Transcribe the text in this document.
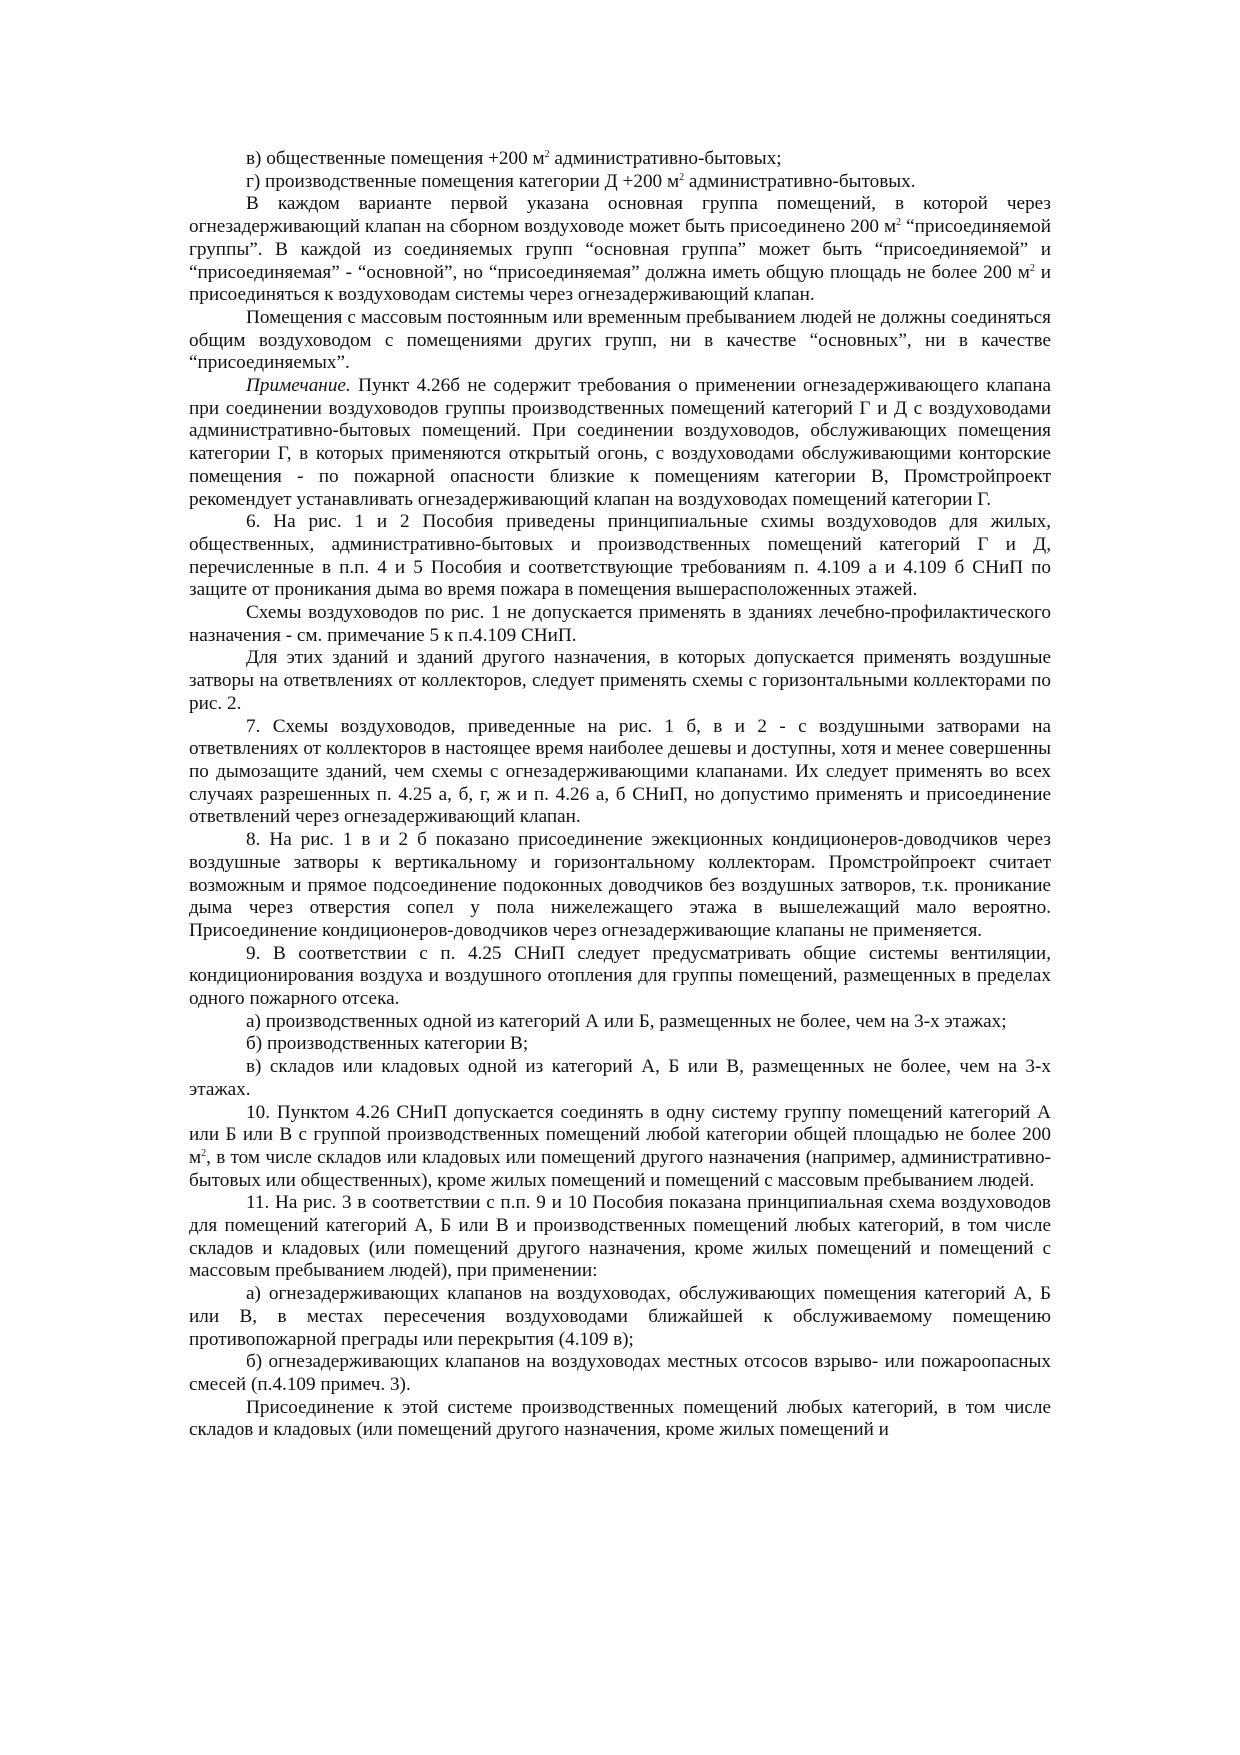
в) общественные помещения +200 $м^2$ административно-бытовых;

г) производственные помещения категории Д +200 $м^2$ административно-бытовых.

В каждом варианте первой указана основная группа помещений, в которой через огнезадерживающий клапан на сборном воздуховоде может быть присоединено 200 $м^2$ “присоединяемой группы”. В каждой из соединяемых групп “основная группа” может быть “присоединяемой” и “присоединяемая” - “основной”, но “присоединяемая” должна иметь общую площадь не более 200 $м^2$ и присоединяться к воздуховодам системы через огнезадерживающий клапан.

Помещения с массовым постоянным или временным пребыванием людей не должны соединяться общим воздуховодом с помещениями других групп, ни в качестве “основных”, ни в качестве “присоединяемых”.

Примечание. Пункт 4.26б не содержит требования о применении огнезадерживающего клапана при соединении воздуховодов группы производственных помещений категорий Г и Д с воздуховодами административно-бытовых помещений. При соединении воздуховодов, обслуживающих помещения категории Г, в которых применяются открытый огонь, с воздуховодами обслуживающими конторские помещения - по пожарной опасности близкие к помещениям категории В, Промстройпроект рекомендует устанавливать огнезадерживающий клапан на воздуховодах помещений категории Г.

6. На рис. 1 и 2 Пособия приведены принципиальные схимы воздуховодов для жилых, общественных, административно-бытовых и производственных помещений категорий Г и Д, перечисленные в п.п. 4 и 5 Пособия и соответствующие требованиям п. 4.109 а и 4.109 б СНиП по защите от проникания дыма во время пожара в помещения вышерасположенных этажей.

Схемы воздуховодов по рис. 1 не допускается применять в зданиях лечебно-профилактического назначения - см. примечание 5 к п.4.109 СНиП.

Для этих зданий и зданий другого назначения, в которых допускается применять воздушные затворы на ответвлениях от коллекторов, следует применять схемы с горизонтальными коллекторами по рис. 2.

7. Схемы воздуховодов, приведенные на рис. 1 б, в и 2 - с воздушными затворами на ответвлениях от коллекторов в настоящее время наиболее дешевы и доступны, хотя и менее совершенны по дымозащите зданий, чем схемы с огнезадерживающими клапанами. Их следует применять во всех случаях разрешенных п. 4.25 а, б, г, ж и п. 4.26 а, б СНиП, но допустимо применять и присоединение ответвлений через огнезадерживающий клапан.

8. На рис. 1 в и 2 б показано присоединение эжекционных кондиционеров-доводчиков через воздушные затворы к вертикальному и горизонтальному коллекторам. Промстройпроект считает возможным и прямое подсоединение подоконных доводчиков без воздушных затворов, т.к. проникание дыма через отверстия сопел у пола нижележащего этажа в вышележащий мало вероятно. Присоединение кондиционеров-доводчиков через огнезадерживающие клапаны не применяется.

9. В соответствии с п. 4.25 СНиП следует предусматривать общие системы вентиляции, кондиционирования воздуха и воздушного отопления для группы помещений, размещенных в пределах одного пожарного отсека.

а) производственных одной из категорий А или Б, размещенных не более, чем на 3-х этажах;

б) производственных категории В;

в) складов или кладовых одной из категорий А, Б или В, размещенных не более, чем на 3-х этажах.

10. Пунктом 4.26 СНиП допускается соединять в одну систему группу помещений категорий А или Б или В с группой производственных помещений любой категории общей площадью не более 200 $м^2$, в том числе складов или кладовых или помещений другого назначения (например, административно-бытовых или общественных), кроме жилых помещений и помещений с массовым пребыванием людей.

11. На рис. 3 в соответствии с п.п. 9 и 10 Пособия показана принципиальная схема воздуховодов для помещений категорий А, Б или В и производственных помещений любых категорий, в том числе складов и кладовых (или помещений другого назначения, кроме жилых помещений и помещений с массовым пребыванием людей), при применении:

а) огнезадерживающих клапанов на воздуховодах, обслуживающих помещения категорий А, Б или В, в местах пересечения воздуховодами ближайшей к обслуживаемому помещению противопожарной преграды или перекрытия (4.109 в);

б) огнезадерживающих клапанов на воздуховодах местных отсосов взрыво- или пожароопасных смесей (п.4.109 примеч. 3).

Присоединение к этой системе производственных помещений любых категорий, в том числе складов и кладовых (или помещений другого назначения, кроме жилых помещений и
